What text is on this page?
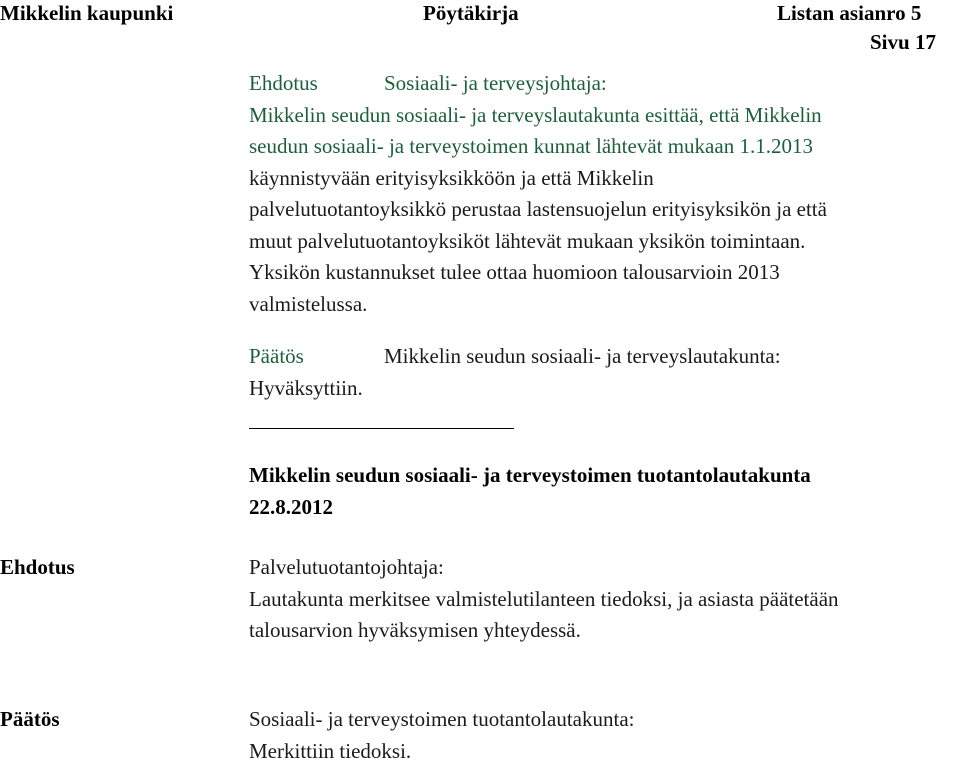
Mikkelin kaupunki	Pöytäkirja	Listan asianro 5
Sivu 17
Ehdotus	Sosiaali- ja terveysjohtaja:
Mikkelin seudun sosiaali- ja terveyslautakunta esittää, että Mikkelin
seudun sosiaali- ja terveystoimen kunnat lähtevät mukaan 1.1.2013
käynnistyvään erityisyksikköön ja että Mikkelin
palvelutuotantoyksikkö perustaa lastensuojelun erityisyksikön ja että
muut palvelutuotantoyksiköt lähtevät mukaan yksikön toimintaan.
Yksikön kustannukset tulee ottaa huomioon talousarvioin 2013
valmistelussa.
Päätös	Mikkelin seudun sosiaali- ja terveyslautakunta:
Hyväksyttiin.
Mikkelin seudun sosiaali- ja terveystoimen tuotantolautakunta
22.8.2012
Ehdotus	Palvelutuotantojohtaja:
Lautakunta merkitsee valmistelutilanteen tiedoksi, ja asiasta päätetään
talousarvion hyväksymisen yhteydessä.
Päätös	Sosiaali- ja terveystoimen tuotantolautakunta:
Merkittiin tiedoksi.
